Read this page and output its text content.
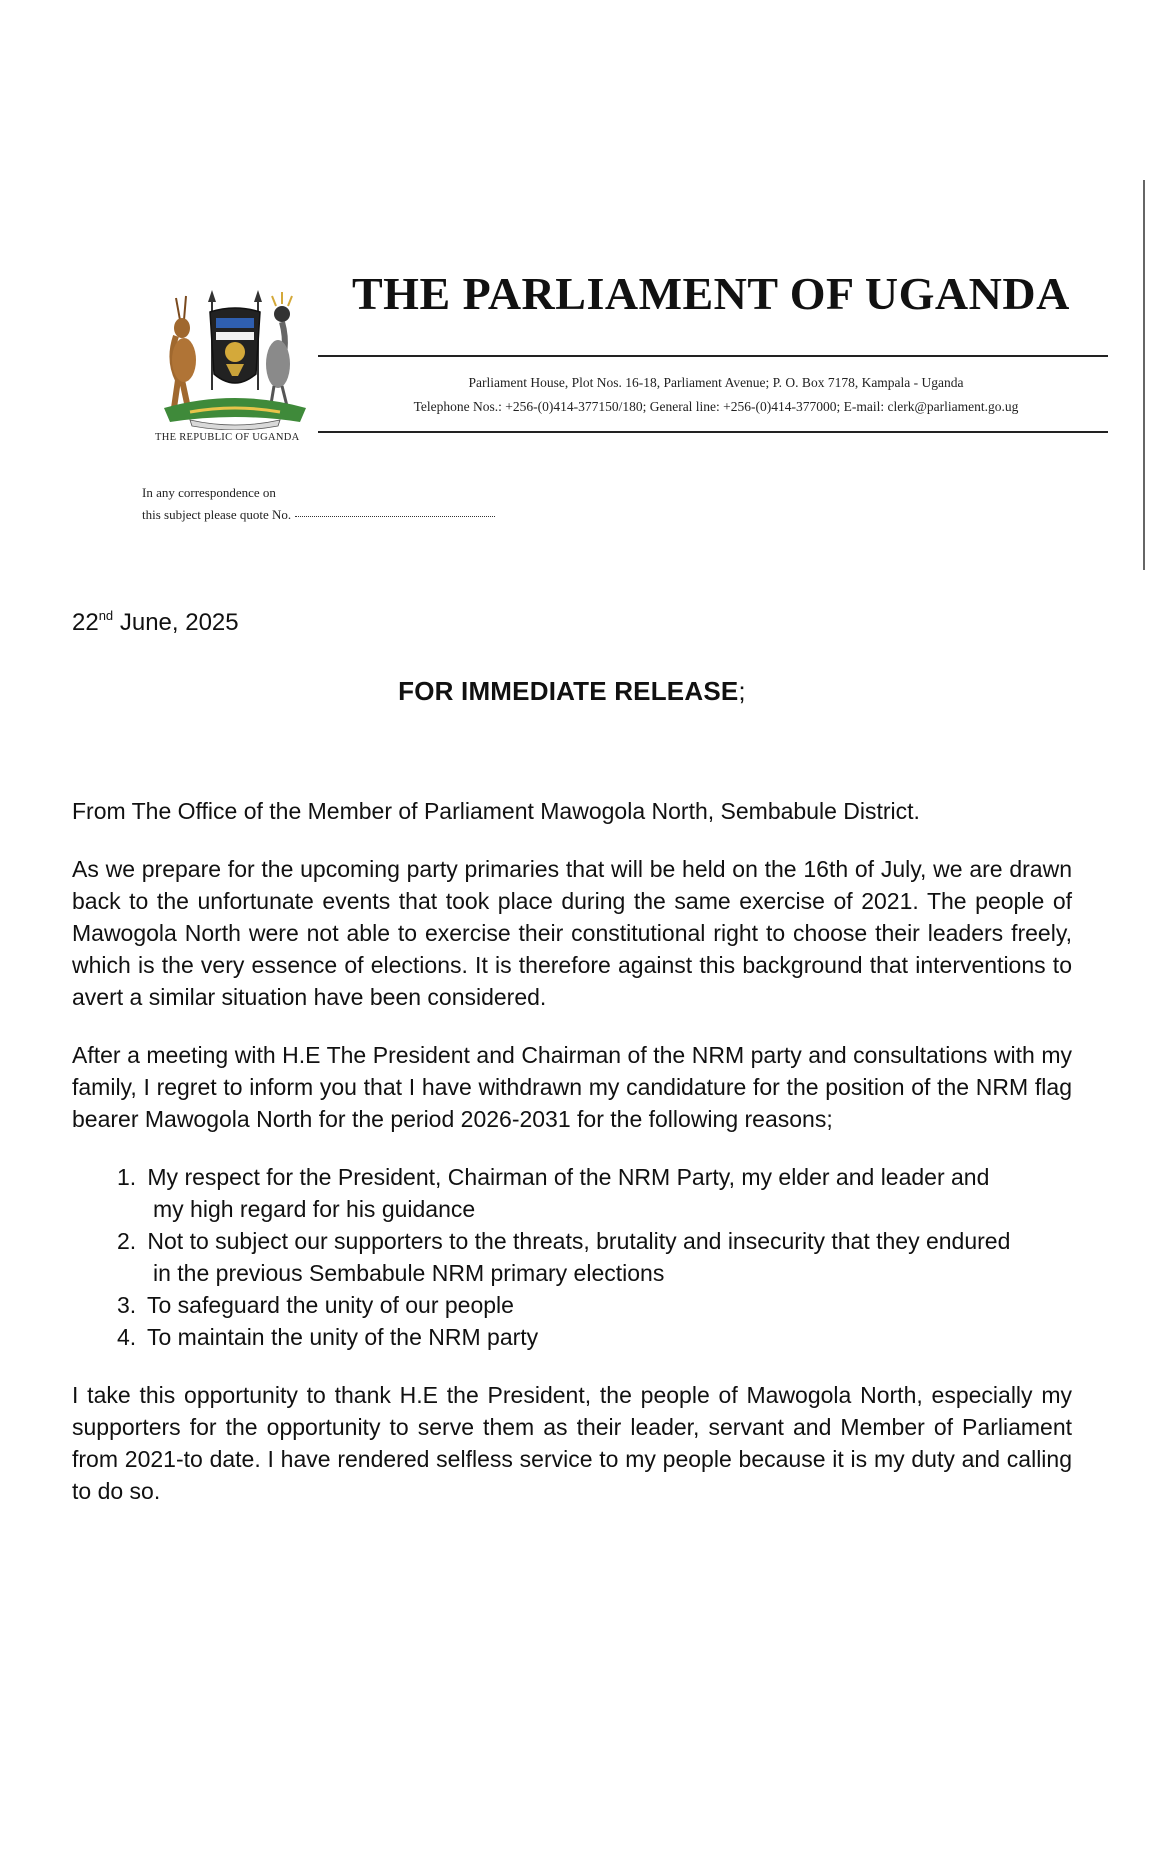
THE REPUBLIC OF UGANDA
THE PARLIAMENT OF UGANDA
Parliament House, Plot Nos. 16-18, Parliament Avenue; P. O. Box 7178, Kampala - Uganda
Telephone Nos.: +256-(0)414-377150/180; General line: +256-(0)414-377000; E-mail: clerk@parliament.go.ug
In any correspondence on
this subject please quote No.

22nd June, 2025

FOR IMMEDIATE RELEASE;

From The Office of the Member of Parliament Mawogola North, Sembabule District.

As we prepare for the upcoming party primaries that will be held on the 16th of July, we are drawn back to the unfortunate events that took place during the same exercise of 2021. The people of Mawogola North were not able to exercise their constitutional right to choose their leaders freely, which is the very essence of elections. It is therefore against this background that interventions to avert a similar situation have been considered.

After a meeting with H.E The President and Chairman of the NRM party and consultations with my family, I regret to inform you that I have withdrawn my candidature for the position of the NRM flag bearer Mawogola North for the period 2026-2031 for the following reasons;

1. My respect for the President, Chairman of the NRM Party, my elder and leader and
my high regard for his guidance
2. Not to subject our supporters to the threats, brutality and insecurity that they endured
in the previous Sembabule NRM primary elections
3. To safeguard the unity of our people
4. To maintain the unity of the NRM party

I take this opportunity to thank H.E the President, the people of Mawogola North, especially my supporters for the opportunity to serve them as their leader, servant and Member of Parliament from 2021-to date. I have rendered selfless service to my people because it is my duty and calling to do so.
